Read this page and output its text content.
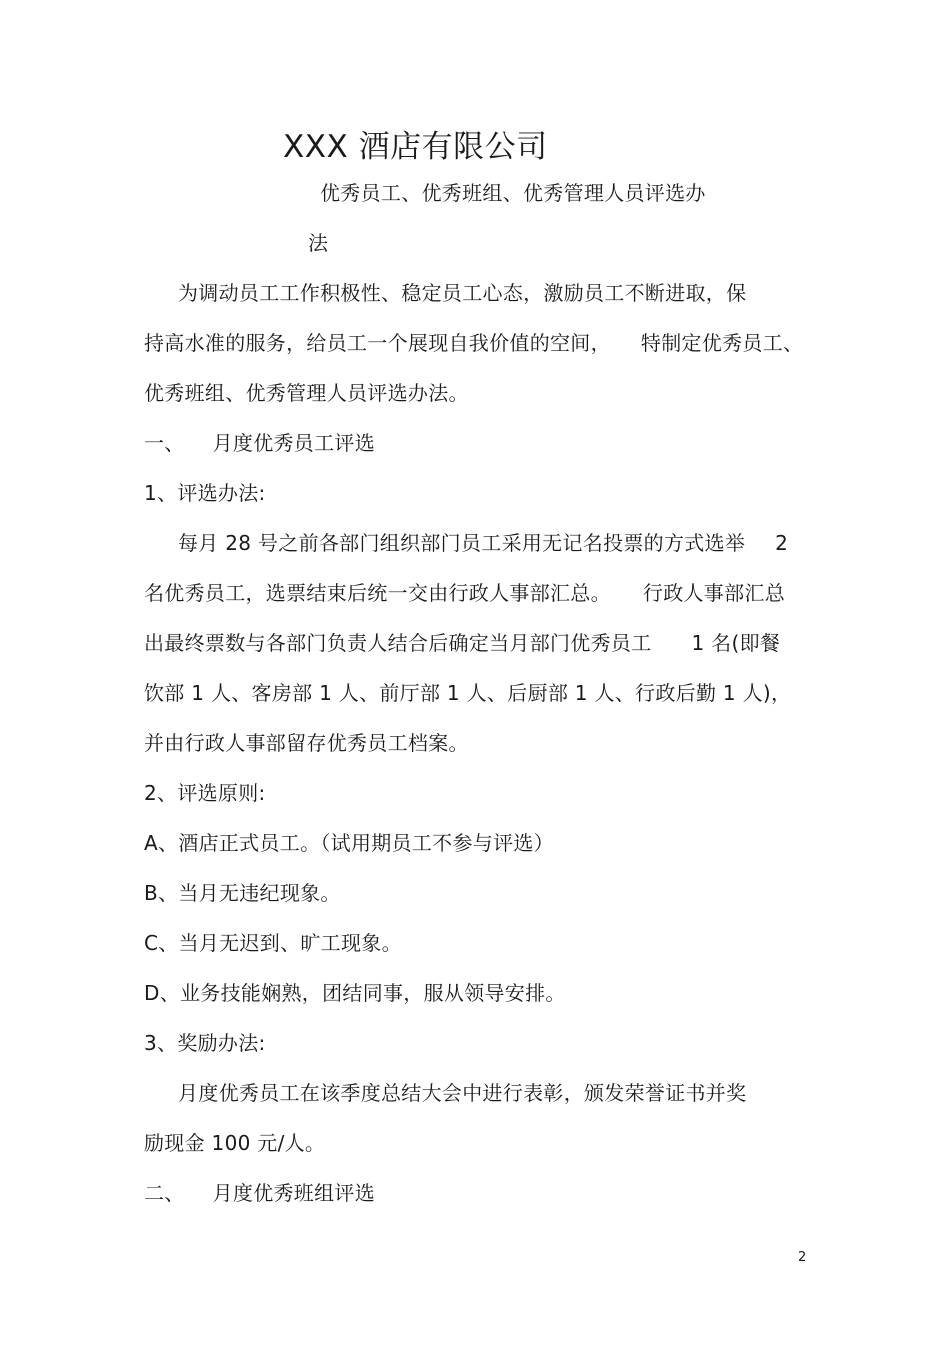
XXX 酒店有限公司
优秀员工、优秀班组、优秀管理人员评选办
法
为调动员工工作积极性、稳定员工心态，激励员工不断进取，保
持高水准的服务，给员工一个展现自我价值的空间， 特制定优秀员工、
优秀班组、优秀管理人员评选办法。
一、 月度优秀员工评选
1、评选办法:
每月 28 号之前各部门组织部门员工采用无记名投票的方式选举 2
名优秀员工，选票结束后统一交由行政人事部汇总。 行政人事部汇总
出最终票数与各部门负责人结合后确定当月部门优秀员工 1 名(即餐
饮部 1 人、客房部 1 人、前厅部 1 人、后厨部 1 人、行政后勤 1 人)，
并由行政人事部留存优秀员工档案。
2、评选原则:
A、酒店正式员工。（试用期员工不参与评选）
B、当月无违纪现象。
C、当月无迟到、旷工现象。
D、业务技能娴熟，团结同事，服从领导安排。
3、奖励办法:
月度优秀员工在该季度总结大会中进行表彰，颁发荣誉证书并奖
励现金 100 元/人。
二、 月度优秀班组评选
2
